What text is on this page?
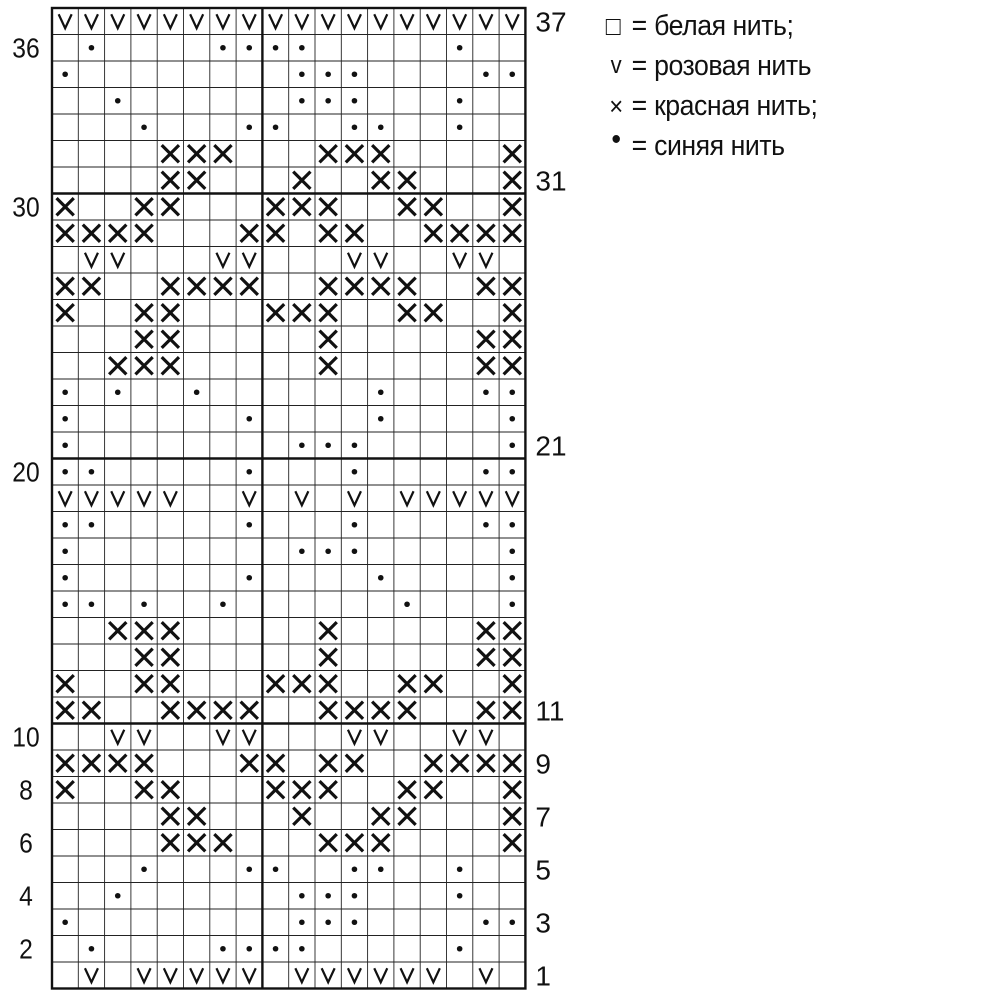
36
30
20
10
8
6
4
2
37
31
21
11
9
7
5
3
1
= белая нить;
v = розовая нить
× = красная нить;
• = синяя нить
